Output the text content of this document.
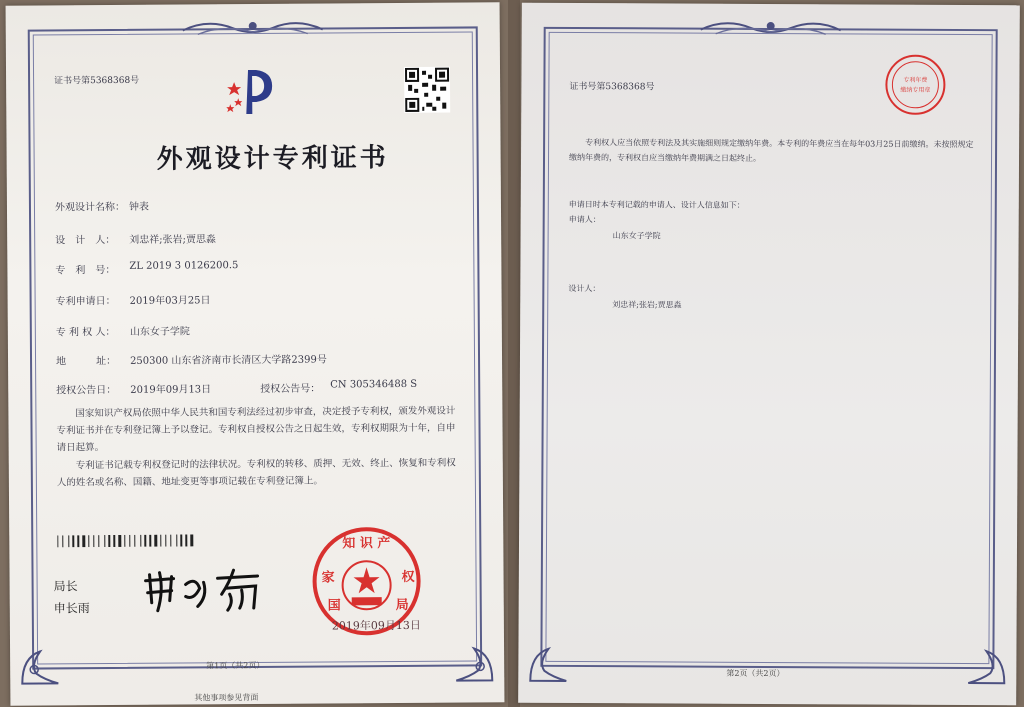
证书号第5368368号
外观设计专利证书
外观设计名称： 钟表
设　计　人： 刘忠祥;张岩;贾思淼
专　利　号： ZL 2019 3 0126200.5
专利申请日： 2019年03月25日
专 利 权 人： 山东女子学院
地　　　址： 250300 山东省济南市长清区大学路2399号
授权公告日： 2019年09月13日	授权公告号： CN 305346488 S
国家知识产权局依照中华人民共和国专利法经过初步审查，决定授予专利权，颁发外观设计专利证书并在专利登记簿上予以登记。专利权自授权公告之日起生效，专利权期限为十年，自申请日起算。
专利证书记载专利权登记时的法律状况。专利权的转移、质押、无效、终止、恢复和专利权人的姓名或名称、国籍、地址变更等事项记载在专利登记簿上。
局长
申长雨
知 识 产
家	权
国	局
2019年09月13日
第1页（共2页）
其他事项参见背面
证书号第5368368号
专利年费
缴纳专用章
专利权人应当依照专利法及其实施细则规定缴纳年费。本专利的年费应当在每年03月25日前缴纳。未按照规定缴纳年费的，专利权自应当缴纳年费期满之日起终止。
申请日时本专利记载的申请人、设计人信息如下：
申请人：
山东女子学院
设计人：
刘忠祥;张岩;贾思淼
第2页（共2页）
